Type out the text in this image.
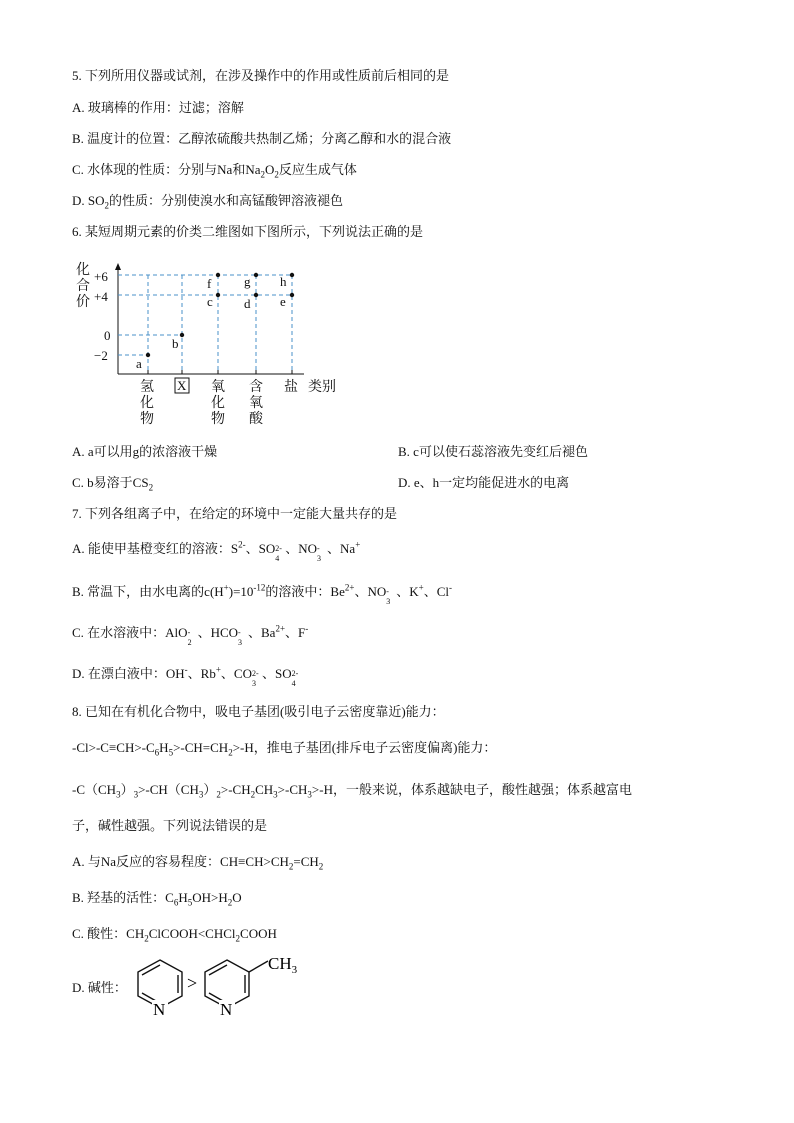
5. 下列所用仪器或试剂，在涉及操作中的作用或性质前后相同的是
A. 玻璃棒的作用：过滤；溶解
B. 温度计的位置：乙醇浓硫酸共热制乙烯；分离乙醇和水的混合液
C. 水体现的性质：分别与Na和$Na_2O_2$反应生成气体
D. $SO_2$的性质：分别使溴水和高锰酸钾溶液褪色
6. 某短周期元素的价类二维图如下图所示，下列说法正确的是
化
合
价
+6
+4
0
−2
a
b
f
c
g
d
h
e
氢
化
物
X 氧
化
物
含
氧
酸
盐 类别
A. a可以用g的浓溶液干燥	B. c可以使石蕊溶液先变红后褪色
C. b易溶于$CS_2$	D. e、h一定均能促进水的电离
7. 下列各组离子中，在给定的环境中一定能大量共存的是
A. 能使甲基橙变红的溶液：$S^{2-}$、SO 2-
4
、NO -
3
、Na+
B. 常温下，由水电离的$c(H^+)=10^{-12}$的溶液中：$Be^{2+}$、NO -
3
、K+、Cl-
C. 在水溶液中：AlO -
2
、HCO -
3
、$Ba^{2+}$、F-
D. 在漂白液中：OH-、Rb+、CO 2-
3
、SO 2-
4
8. 已知在有机化合物中，吸电子基团(吸引电子云密度靠近)能力：
$-Cl>-C\equiv CH>-C_6H_5>-CH=CH_2>-H$，推电子基团(排斥电子云密度偏离)能力：
$-C(CH_3)_3>-CH(CH_3)_2>-CH_2CH_3>-CH_3>-H$，一般来说，体系越缺电子，酸性越强；体系越富电
子，碱性越强。下列说法错误的是
A. 与Na反应的容易程度：$CH\equiv CH>CH_2=CH_2$
B. 羟基的活性：$C_6H_5OH>H_2O$
C. 酸性：$CH_2ClCOOH<CHCl_2COOH$
D. 碱性：
N
>
N
$CH_3$
